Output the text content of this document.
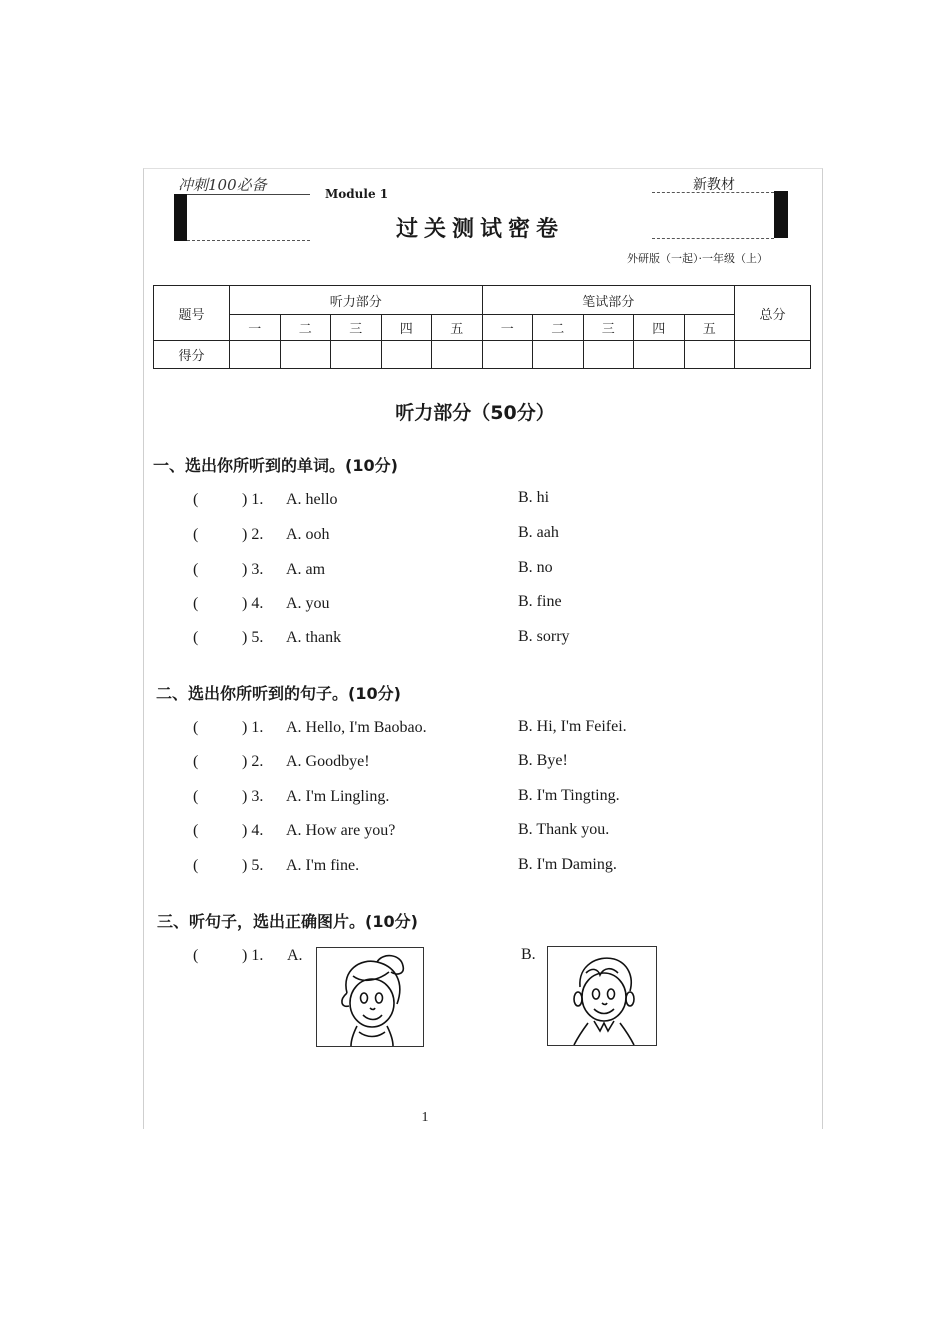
冲刺100必备	Module 1
过关测试密卷
新教材
外研版（一起）·一年级（上）
题号	听力部分					笔试部分					总分
	一	二	三	四	五	一	二	三	四	五	
得分											
听力部分（50分）
一、选出你所听到的单词。(10分)
(	) 1. A. hello	B. hi
(	) 2. A. ooh	B. aah
(	) 3. A. am	B. no
(	) 4. A. you	B. fine
(	) 5. A. thank	B. sorry
二、选出你所听到的句子。(10分)
(	) 1. A. Hello, I'm Baobao.	B. Hi, I'm Feifei.
(	) 2. A. Goodbye!	B. Bye!
(	) 3. A. I'm Lingling.	B. I'm Tingting.
(	) 4. A. How are you?	B. Thank you.
(	) 5. A. I'm fine.	B. I'm Daming.
三、听句子，选出正确图片。(10分)
(	) 1. A.	B.
1
